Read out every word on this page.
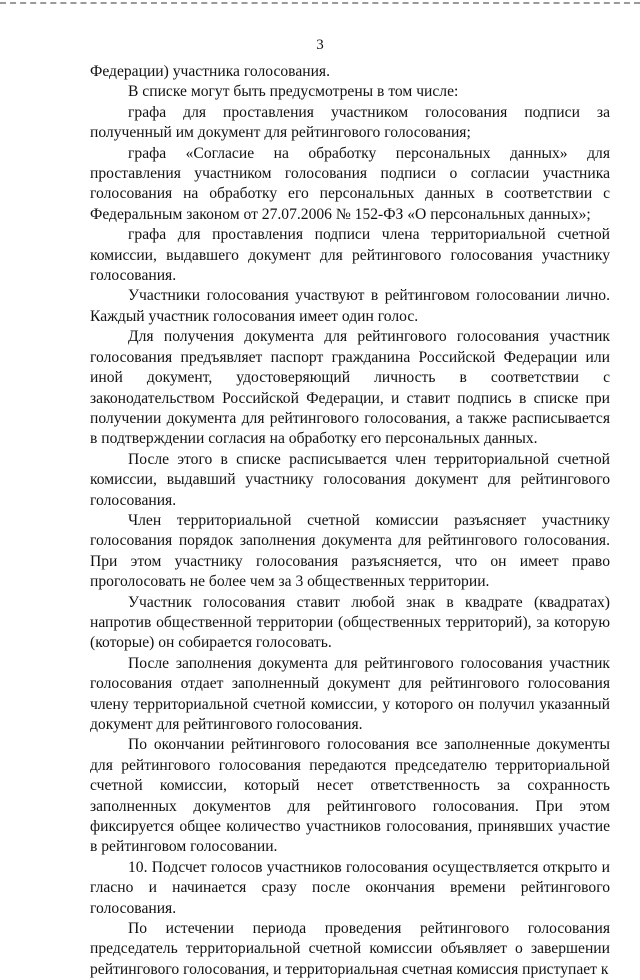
3

Федерации) участника голосования.

В списке могут быть предусмотрены в том числе:

графа для проставления участником голосования подписи за полученный им документ для рейтингового голосования;

графа «Согласие на обработку персональных данных» для проставления участником голосования подписи о согласии участника голосования на обработку его персональных данных в соответствии с Федеральным законом от 27.07.2006 № 152-ФЗ «О персональных данных»;

графа для проставления подписи члена территориальной счетной комиссии, выдавшего документ для рейтингового голосования участнику голосования.

Участники голосования участвуют в рейтинговом голосовании лично. Каждый участник голосования имеет один голос.

Для получения документа для рейтингового голосования участник голосования предъявляет паспорт гражданина Российской Федерации или иной документ, удостоверяющий личность в соответствии с законодательством Российской Федерации, и ставит подпись в списке при получении документа для рейтингового голосования, а также расписывается в подтверждении согласия на обработку его персональных данных.

После этого в списке расписывается член территориальной счетной комиссии, выдавший участнику голосования документ для рейтингового голосования.

Член территориальной счетной комиссии разъясняет участнику голосования порядок заполнения документа для рейтингового голосования. При этом участнику голосования разъясняется, что он имеет право проголосовать не более чем за 3 общественных территории.

Участник голосования ставит любой знак в квадрате (квадратах) напротив общественной территории (общественных территорий), за которую (которые) он собирается голосовать.

После заполнения документа для рейтингового голосования участник голосования отдает заполненный документ для рейтингового голосования члену территориальной счетной комиссии, у которого он получил указанный документ для рейтингового голосования.

По окончании рейтингового голосования все заполненные документы для рейтингового голосования передаются председателю территориальной счетной комиссии, который несет ответственность за сохранность заполненных документов для рейтингового голосования. При этом фиксируется общее количество участников голосования, принявших участие в рейтинговом голосовании.

10. Подсчет голосов участников голосования осуществляется открыто и гласно и начинается сразу после окончания времени рейтингового голосования.

По истечении периода проведения рейтингового голосования председатель территориальной счетной комиссии объявляет о завершении рейтингового голосования, и территориальная счетная комиссия приступает к
